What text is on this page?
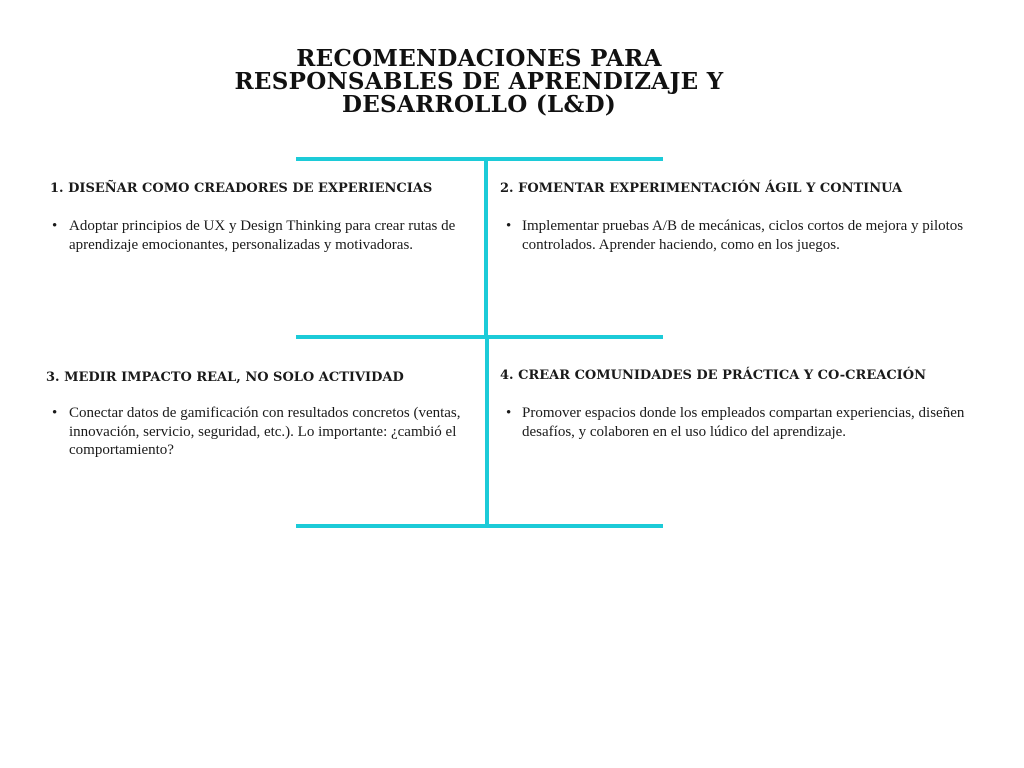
RECOMENDACIONES PARA
RESPONSABLES DE APRENDIZAJE Y
DESARROLLO (L&D)
1. DISEÑAR COMO CREADORES DE EXPERIENCIAS
• Adoptar principios de UX y Design Thinking para crear rutas de aprendizaje emocionantes, personalizadas y motivadoras.
2. FOMENTAR EXPERIMENTACIÓN ÁGIL Y CONTINUA
• Implementar pruebas A/B de mecánicas, ciclos cortos de mejora y pilotos controlados. Aprender haciendo, como en los juegos.
3. MEDIR IMPACTO REAL, NO SOLO ACTIVIDAD
• Conectar datos de gamificación con resultados concretos (ventas, innovación, servicio, seguridad, etc.). Lo importante: ¿cambió el comportamiento?
4. CREAR COMUNIDADES DE PRÁCTICA Y CO-CREACIÓN
• Promover espacios donde los empleados compartan experiencias, diseñen desafíos, y colaboren en el uso lúdico del aprendizaje.
